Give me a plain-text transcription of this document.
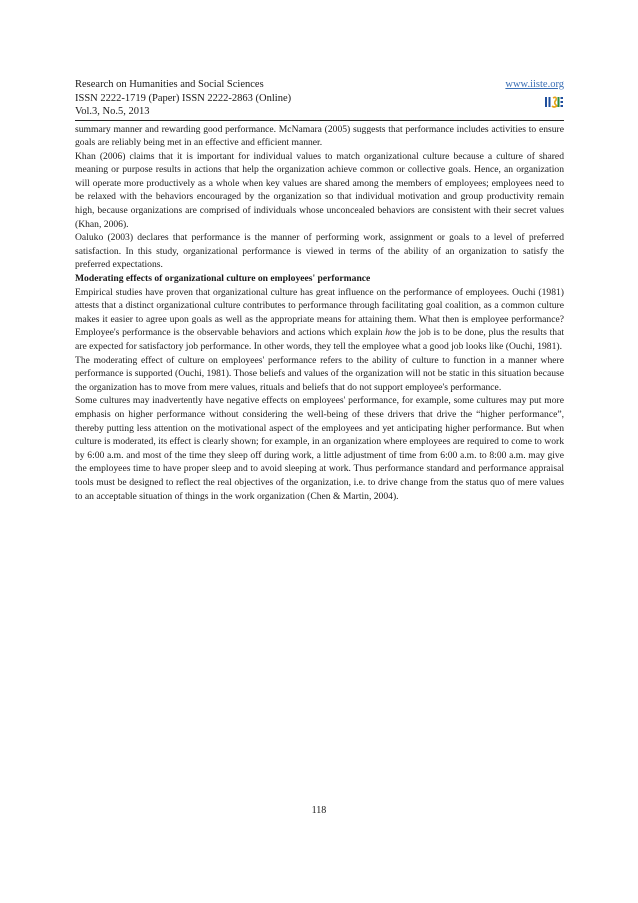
Research on Humanities and Social Sciences
ISSN 2222-1719 (Paper) ISSN 2222-2863 (Online)
Vol.3, No.5, 2013
www.iiste.org

summary manner and rewarding good performance. McNamara (2005) suggests that performance includes activities to ensure goals are reliably being met in an effective and efficient manner.

Khan (2006) claims that it is important for individual values to match organizational culture because a culture of shared meaning or purpose results in actions that help the organization achieve common or collective goals. Hence, an organization will operate more productively as a whole when key values are shared among the members of employees; employees need to be relaxed with the behaviors encouraged by the organization so that individual motivation and group productivity remain high, because organizations are comprised of individuals whose unconcealed behaviors are consistent with their secret values (Khan, 2006).

Oaluko (2003) declares that performance is the manner of performing work, assignment or goals to a level of preferred satisfaction. In this study, organizational performance is viewed in terms of the ability of an organization to satisfy the preferred expectations.

Moderating effects of organizational culture on employees' performance

Empirical studies have proven that organizational culture has great influence on the performance of employees. Ouchi (1981) attests that a distinct organizational culture contributes to performance through facilitating goal coalition, as a common culture makes it easier to agree upon goals as well as the appropriate means for attaining them. What then is employee performance? Employee's performance is the observable behaviors and actions which explain how the job is to be done, plus the results that are expected for satisfactory job performance. In other words, they tell the employee what a good job looks like (Ouchi, 1981).

The moderating effect of culture on employees' performance refers to the ability of culture to function in a manner where performance is supported (Ouchi, 1981). Those beliefs and values of the organization will not be static in this situation because the organization has to move from mere values, rituals and beliefs that do not support employee's performance.

Some cultures may inadvertently have negative effects on employees' performance, for example, some cultures may put more emphasis on higher performance without considering the well-being of these drivers that drive the “higher performance”, thereby putting less attention on the motivational aspect of the employees and yet anticipating higher performance. But when culture is moderated, its effect is clearly shown; for example, in an organization where employees are required to come to work by 6:00 a.m. and most of the time they sleep off during work, a little adjustment of time from 6:00 a.m. to 8:00 a.m. may give the employees time to have proper sleep and to avoid sleeping at work. Thus performance standard and performance appraisal tools must be designed to reflect the real objectives of the organization, i.e. to drive change from the status quo of mere values to an acceptable situation of things in the work organization (Chen & Martin, 2004).

118
